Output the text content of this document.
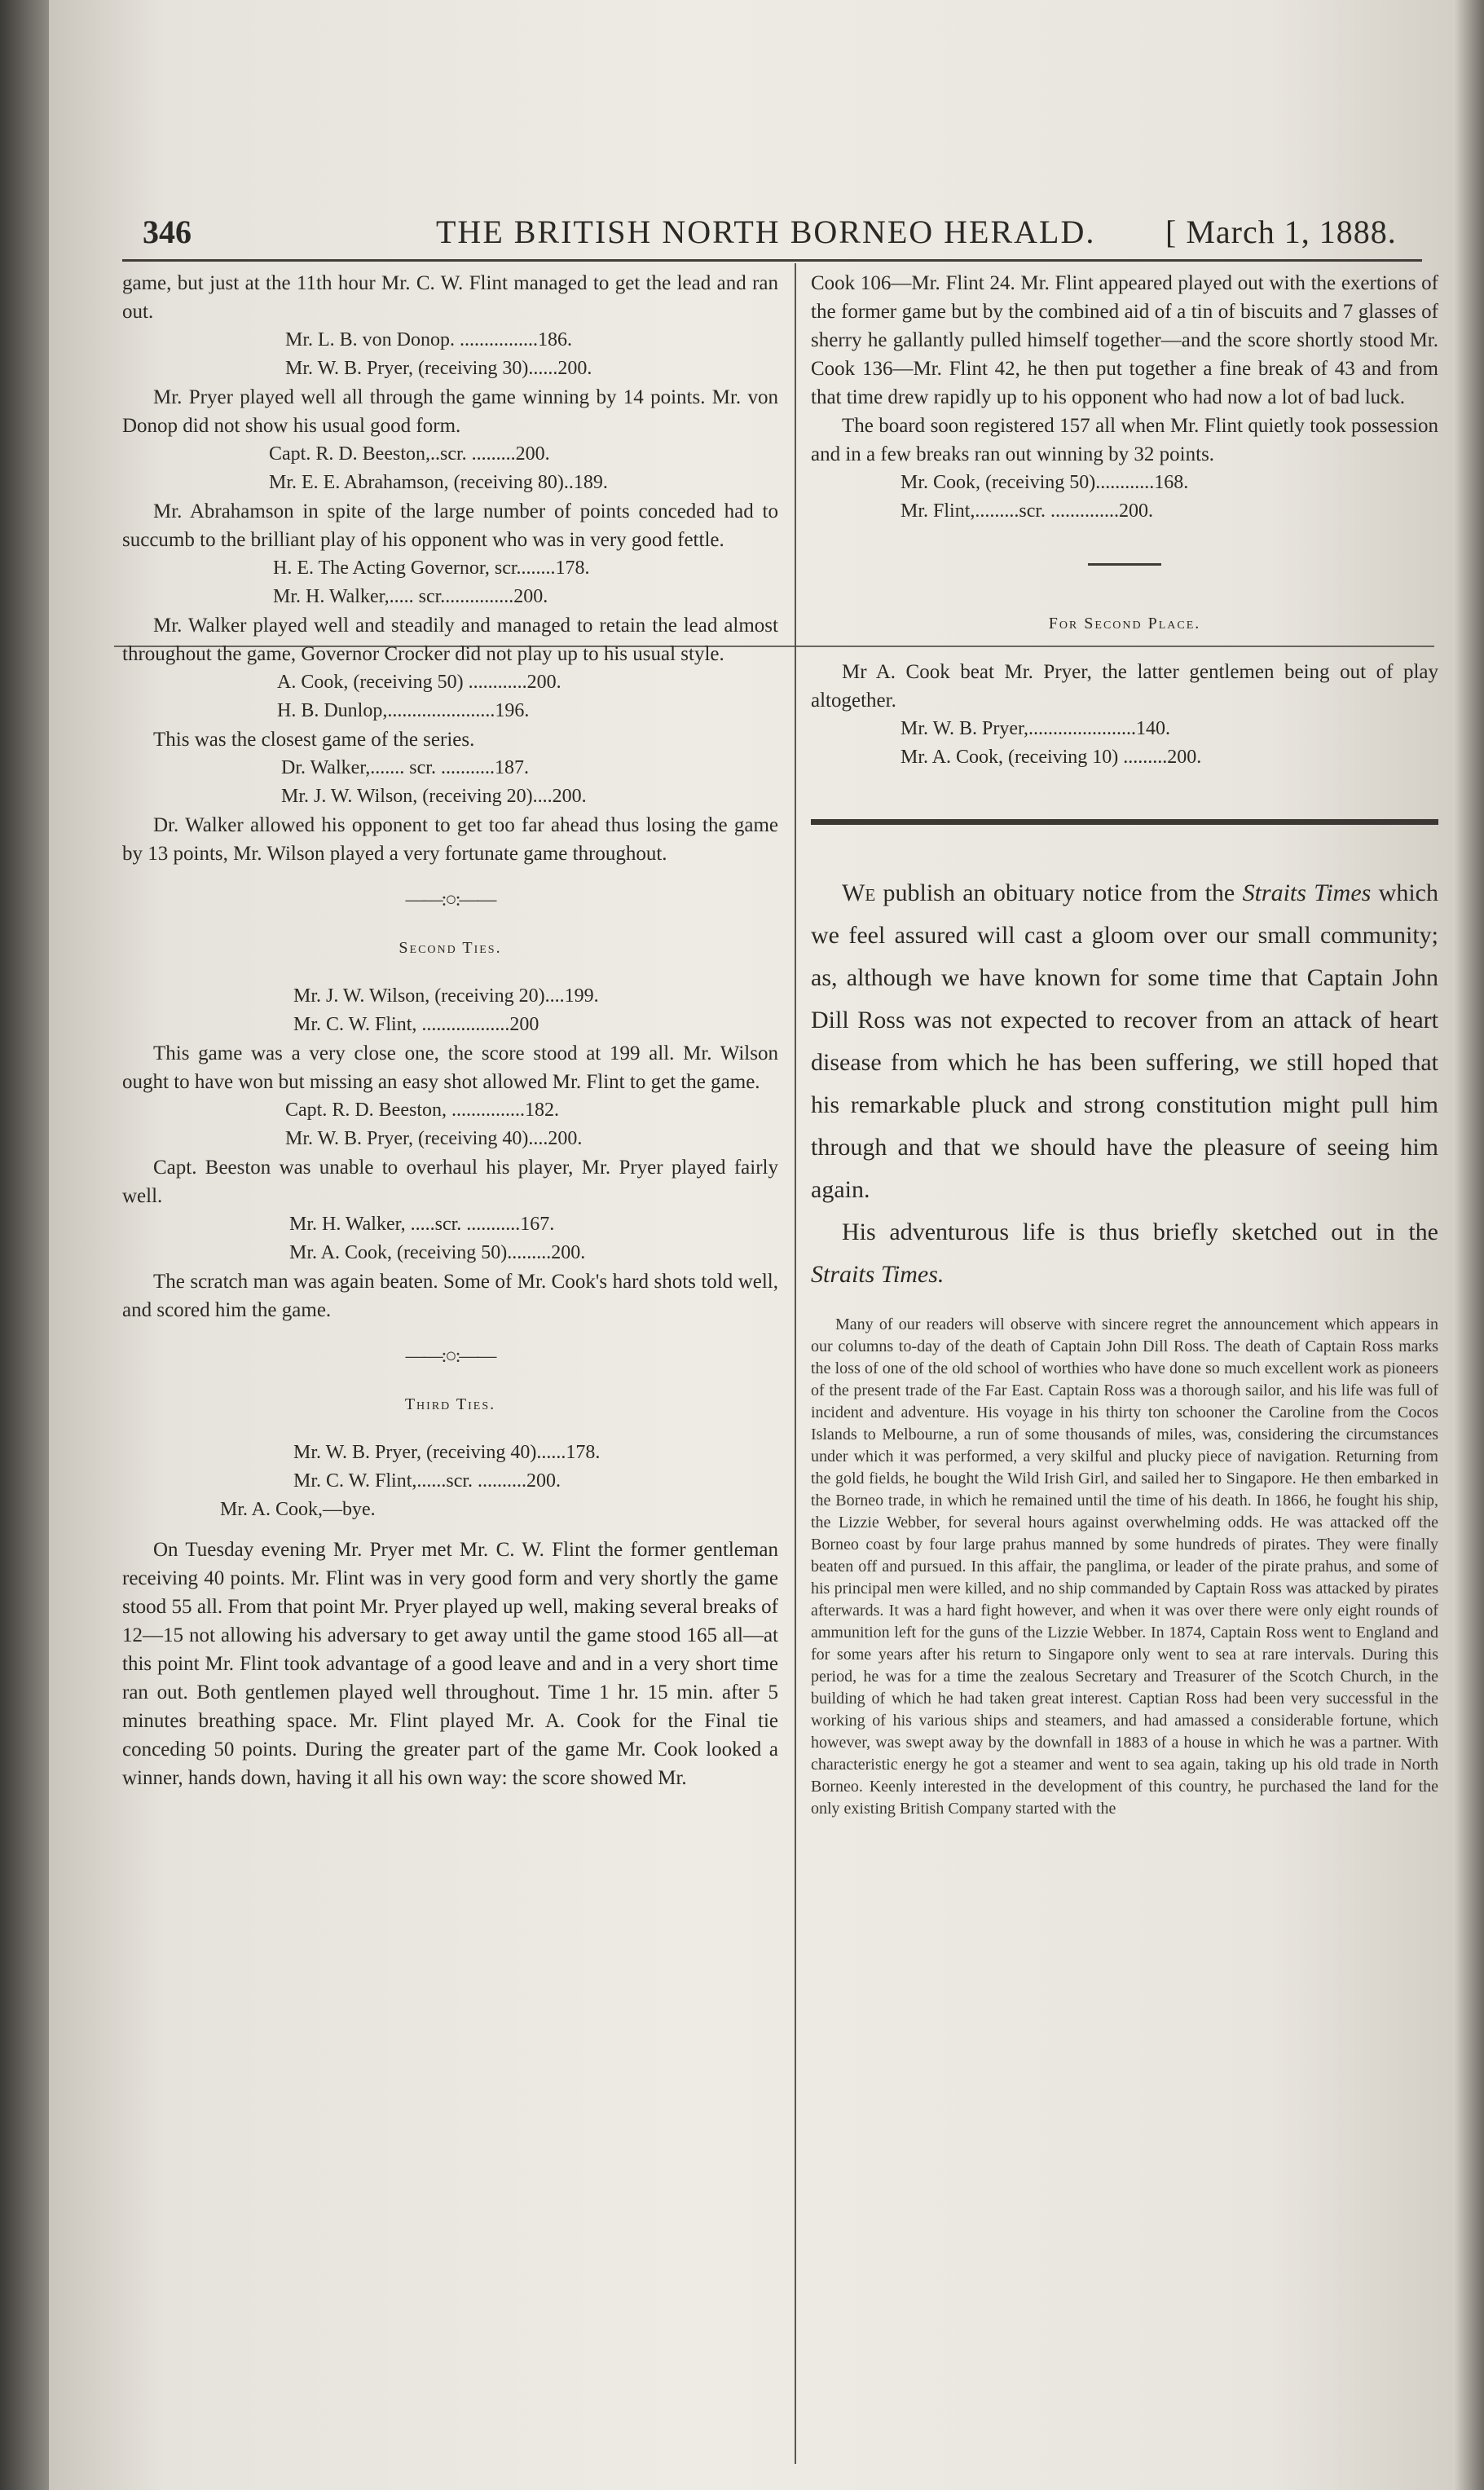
346	THE BRITISH NORTH BORNEO HERALD. [ March 1, 1888.

game, but just at the 11th hour Mr. C. W. Flint managed to get the lead and ran out.

Mr. L. B. von Donop. ................186.

Mr. W. B. Pryer, (receiving 30)......200.

Mr. Pryer played well all through the game winning by 14 points. Mr. von Donop did not show his usual good form.

Capt. R. D. Beeston,..scr. .........200.

Mr. E. E. Abrahamson, (receiving 80)..189.

Mr. Abrahamson in spite of the large number of points conceded had to succumb to the brilliant play of his opponent who was in very good fettle.

H. E. The Acting Governor, scr........178.

Mr. H. Walker,..... scr...............200.

Mr. Walker played well and steadily and managed to retain the lead almost throughout the game, Governor Crocker did not play up to his usual style.

A. Cook, (receiving 50) ............200.

H. B. Dunlop,......................196.

This was the closest game of the series.

Dr. Walker,....... scr. ...........187.

Mr. J. W. Wilson, (receiving 20)....200.

Dr. Walker allowed his opponent to get too far ahead thus losing the game by 13 points, Mr. Wilson played a very fortunate game throughout.

——:○:——
Second Ties.

Mr. J. W. Wilson, (receiving 20)....199.

Mr. C. W. Flint, ..................200

This game was a very close one, the score stood at 199 all. Mr. Wilson ought to have won but missing an easy shot allowed Mr. Flint to get the game.

Capt. R. D. Beeston, ...............182.

Mr. W. B. Pryer, (receiving 40)....200.

Capt. Beeston was unable to overhaul his player, Mr. Pryer played fairly well.

Mr. H. Walker, .....scr. ...........167.

Mr. A. Cook, (receiving 50).........200.

The scratch man was again beaten. Some of Mr. Cook's hard shots told well, and scored him the game.

——:○:——
Third Ties.

Mr. W. B. Pryer, (receiving 40)......178.

Mr. C. W. Flint,......scr. ..........200.

Mr. A. Cook,—bye.

On Tuesday evening Mr. Pryer met Mr. C. W. Flint the former gentleman receiving 40 points. Mr. Flint was in very good form and very shortly the game stood 55 all. From that point Mr. Pryer played up well, making several breaks of 12—15 not allowing his adversary to get away until the game stood 165 all—at this point Mr. Flint took advantage of a good leave and and in a very short time ran out. Both gentlemen played well throughout. Time 1 hr. 15 min. after 5 minutes breathing space. Mr. Flint played Mr. A. Cook for the Final tie conceding 50 points. During the greater part of the game Mr. Cook looked a winner, hands down, having it all his own way: the score showed Mr.

Cook 106—Mr. Flint 24. Mr. Flint appeared played out with the exertions of the former game but by the combined aid of a tin of biscuits and 7 glasses of sherry he gallantly pulled himself together—and the score shortly stood Mr. Cook 136—Mr. Flint 42, he then put together a fine break of 43 and from that time drew rapidly up to his opponent who had now a lot of bad luck.

The board soon registered 157 all when Mr. Flint quietly took possession and in a few breaks ran out winning by 32 points.

Mr. Cook, (receiving 50)............168.

Mr. Flint,.........scr. ..............200.

For Second Place.

Mr A. Cook beat Mr. Pryer, the latter gentlemen being out of play altogether.

Mr. W. B. Pryer,......................140.

Mr. A. Cook, (receiving 10) .........200.

We publish an obituary notice from the Straits Times which we feel assured will cast a gloom over our small community; as, although we have known for some time that Captain John Dill Ross was not expected to recover from an attack of heart disease from which he has been suffering, we still hoped that his remarkable pluck and strong constitution might pull him through and that we should have the pleasure of seeing him again.

His adventurous life is thus briefly sketched out in the Straits Times.

Many of our readers will observe with sincere regret the announcement which appears in our columns to-day of the death of Captain John Dill Ross. The death of Captain Ross marks the loss of one of the old school of worthies who have done so much excellent work as pioneers of the present trade of the Far East. Captain Ross was a thorough sailor, and his life was full of incident and adventure. His voyage in his thirty ton schooner the Caroline from the Cocos Islands to Melbourne, a run of some thousands of miles, was, considering the circumstances under which it was performed, a very skilful and plucky piece of navigation. Returning from the gold fields, he bought the Wild Irish Girl, and sailed her to Singapore. He then embarked in the Borneo trade, in which he remained until the time of his death. In 1866, he fought his ship, the Lizzie Webber, for several hours against overwhelming odds. He was attacked off the Borneo coast by four large prahus manned by some hundreds of pirates. They were finally beaten off and pursued. In this affair, the panglima, or leader of the pirate prahus, and some of his principal men were killed, and no ship commanded by Captain Ross was attacked by pirates afterwards. It was a hard fight however, and when it was over there were only eight rounds of ammunition left for the guns of the Lizzie Webber. In 1874, Captain Ross went to England and for some years after his return to Singapore only went to sea at rare intervals. During this period, he was for a time the zealous Secretary and Treasurer of the Scotch Church, in the building of which he had taken great interest. Captian Ross had been very successful in the working of his various ships and steamers, and had amassed a considerable fortune, which however, was swept away by the downfall in 1883 of a house in which he was a partner. With characteristic energy he got a steamer and went to sea again, taking up his old trade in North Borneo. Keenly interested in the development of this country, he purchased the land for the only existing British Company started with the
